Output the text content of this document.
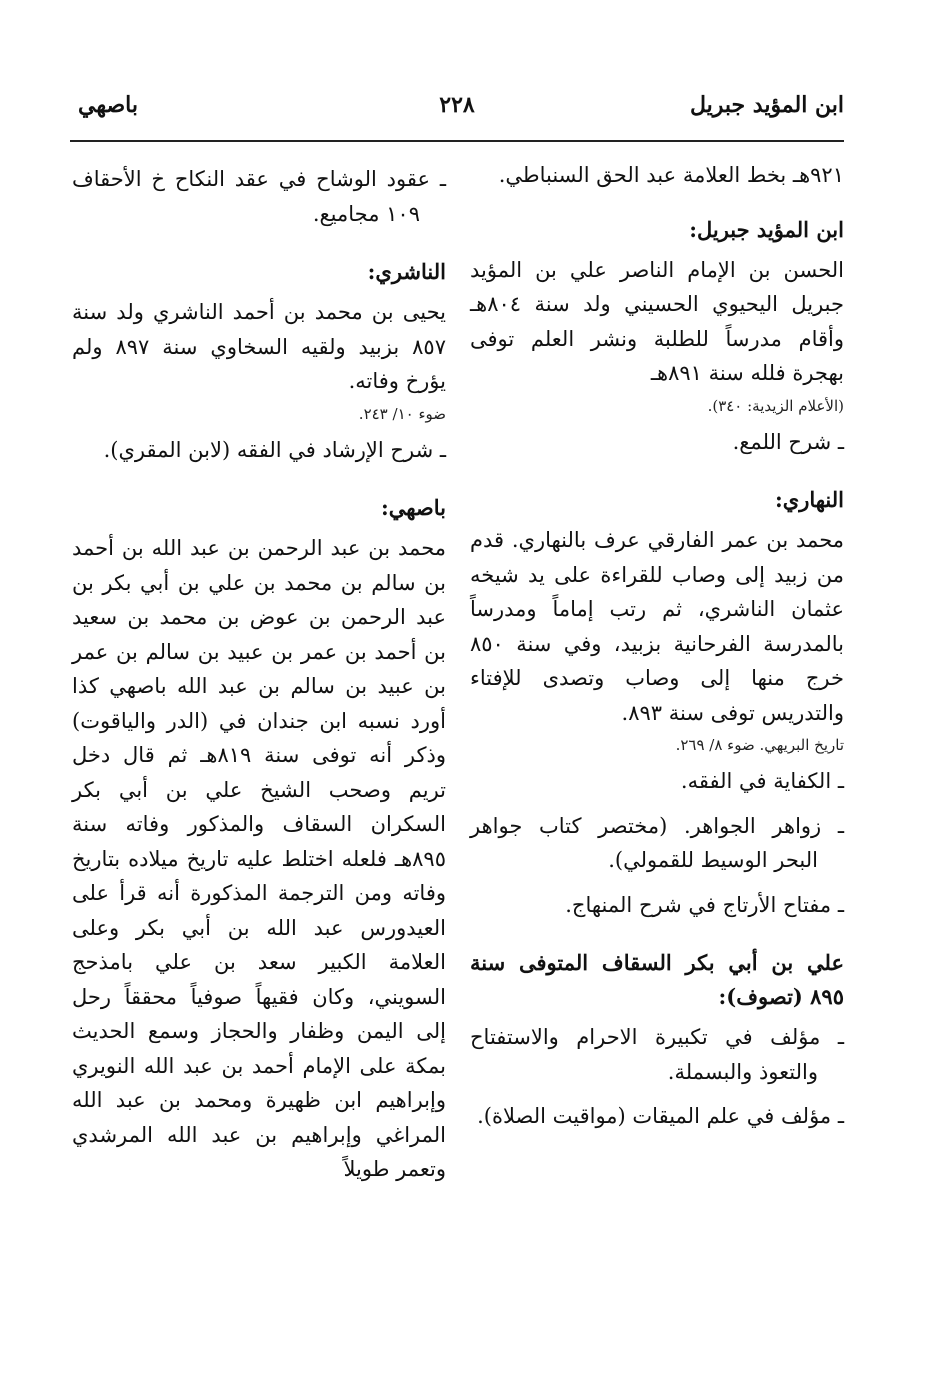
ابن المؤيد جبريل
٢٢٨
باصهي

٩٢١هـ بخط العلامة عبد الحق السنباطي.

ابن المؤيد جبريل:

الحسن بن الإمام الناصر علي بن المؤيد جبريل اليحيوي الحسيني ولد سنة ٨٠٤هـ وأقام مدرساً للطلبة ونشر العلم توفى بهجرة فلله سنة ٨٩١هـ

(الأعلام الزيدية: ٣٤٠).
ـ شرح اللمع.
النهاري:

محمد بن عمر الفارقي عرف بالنهاري. قدم من زبيد إلى وصاب للقراءة على يد شيخه عثمان الناشري، ثم رتب إماماً ومدرساً بالمدرسة الفرحانية بزبيد، وفي سنة ٨٥٠ خرج منها إلى وصاب وتصدى للإفتاء والتدريس توفى سنة ٨٩٣.

تاريخ البريهي. ضوء ٨/ ٢٦٩.
ـ الكفاية في الفقه.
ـ زواهر الجواهر. (مختصر كتاب جواهر البحر الوسيط للقمولي).
ـ مفتاح الأرتاج في شرح المنهاج.
علي بن أبي بكر السقاف المتوفى سنة ٨٩٥ (تصوف):
ـ مؤلف في تكبيرة الاحرام والاستفتاح والتعوذ والبسملة.
ـ مؤلف في علم الميقات (مواقيت الصلاة).
ـ عقود الوشاح في عقد النكاح خ الأحقاف ١٠٩ مجاميع.
الناشري:

يحيى بن محمد بن أحمد الناشري ولد سنة ٨٥٧ بزبيد ولقيه السخاوي سنة ٨٩٧ ولم يؤرخ وفاته.

ضوء ١٠/ ٢٤٣.
ـ شرح الإرشاد في الفقه (لابن المقري).
باصهي:

محمد بن عبد الرحمن بن عبد الله بن أحمد بن سالم بن محمد بن علي بن أبي بكر بن عبد الرحمن بن عوض بن محمد بن سعيد بن أحمد بن عمر بن عبيد بن سالم بن عمر بن عبيد بن سالم بن عبد الله باصهي كذا أورد نسبه ابن جندان في (الدر والياقوت) وذكر أنه توفى سنة ٨١٩هـ ثم قال دخل تريم وصحب الشيخ علي بن أبي بكر السكران السقاف والمذكور وفاته سنة ٨٩٥هـ فلعله اختلط عليه تاريخ ميلاده بتاريخ وفاته ومن الترجمة المذكورة أنه قرأ على العيدورس عبد الله بن أبي بكر وعلى العلامة الكبير سعد بن علي بامذحج السويني، وكان فقيهاً صوفياً محققاً رحل إلى اليمن وظفار والحجاز وسمع الحديث بمكة على الإمام أحمد بن عبد الله النويري وإبراهيم ابن ظهيرة ومحمد بن عبد الله المراغي وإبراهيم بن عبد الله المرشدي وتعمر طويلاً
